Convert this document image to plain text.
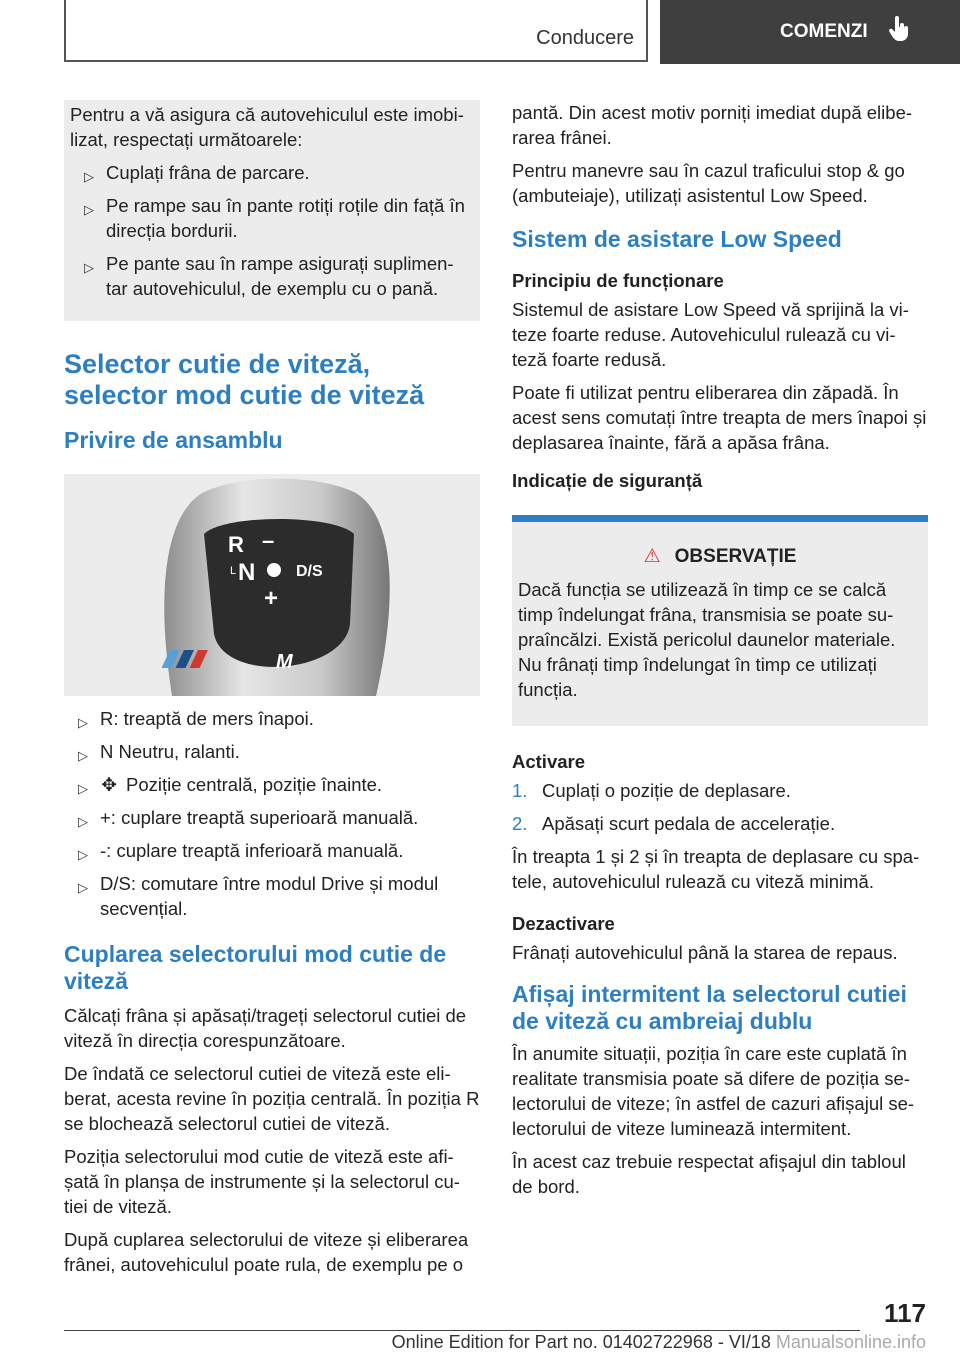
Conducere	COMENZI

Pentru a vă asigura că autovehiculul este imobi- lizat, respectați următoarele:

▷ Cuplați frâna de parcare.
▷ Pe rampe sau în pante rotiți roțile din față în direcția bordurii.
▷ Pe pante sau în rampe asigurați suplimen- tar autovehiculul, de exemplu cu o pană.
Selector cutie de viteză, selector mod cutie de viteză
Privire de ansamblu
R –
L N	D/S
+
M
▷ R: treaptă de mers înapoi.
▷ N Neutru, ralanti.
▷ ✥ Poziție centrală, poziție înainte.
▷ +: cuplare treaptă superioară manuală.
▷ -: cuplare treaptă inferioară manuală.
▷ D/S: comutare între modul Drive și modul secvențial.
Cuplarea selectorului mod cutie de viteză

Călcați frâna și apăsați/trageți selectorul cutiei de viteză în direcția corespunzătoare.

De îndată ce selectorul cutiei de viteză este eli- berat, acesta revine în poziția centrală. În poziția R se blochează selectorul cutiei de viteză.

Poziția selectorului mod cutie de viteză este afi- șată în planșa de instrumente și la selectorul cu- tiei de viteză.

După cuplarea selectorului de viteze și eliberarea frânei, autovehiculul poate rula, de exemplu pe o

pantă. Din acest motiv porniți imediat după elibe- rarea frânei.

Pentru manevre sau în cazul traficului stop & go (ambuteiaje), utilizați asistentul Low Speed.

Sistem de asistare Low Speed
Principiu de funcționare

Sistemul de asistare Low Speed vă sprijină la vi- teze foarte reduse. Autovehiculul rulează cu vi- teză foarte redusă.

Poate fi utilizat pentru eliberarea din zăpadă. În acest sens comutați între treapta de mers înapoi și deplasarea înainte, fără a apăsa frâna.

Indicație de siguranță
⚠ OBSERVAȚIE

Dacă funcția se utilizează în timp ce se calcă timp îndelungat frâna, transmisia se poate su- praîncălzi. Există pericolul daunelor materiale. Nu frânați timp îndelungat în timp ce utilizați funcția.

Activare
1. Cuplați o poziție de deplasare.
2. Apăsați scurt pedala de accelerație.

În treapta 1 și 2 și în treapta de deplasare cu spa- tele, autovehiculul rulează cu viteză minimă.

Dezactivare

Frânați autovehiculul până la starea de repaus.

Afișaj intermitent la selectorul cutiei de viteză cu ambreiaj dublu

În anumite situații, poziția în care este cuplată în realitate transmisia poate să difere de poziția se- lectorului de viteze; în astfel de cazuri afișajul se- lectorului de viteze luminează intermitent.

În acest caz trebuie respectat afișajul din tabloul de bord.

117
Online Edition for Part no. 01402722968 - VI/18 Manualsonline.info
